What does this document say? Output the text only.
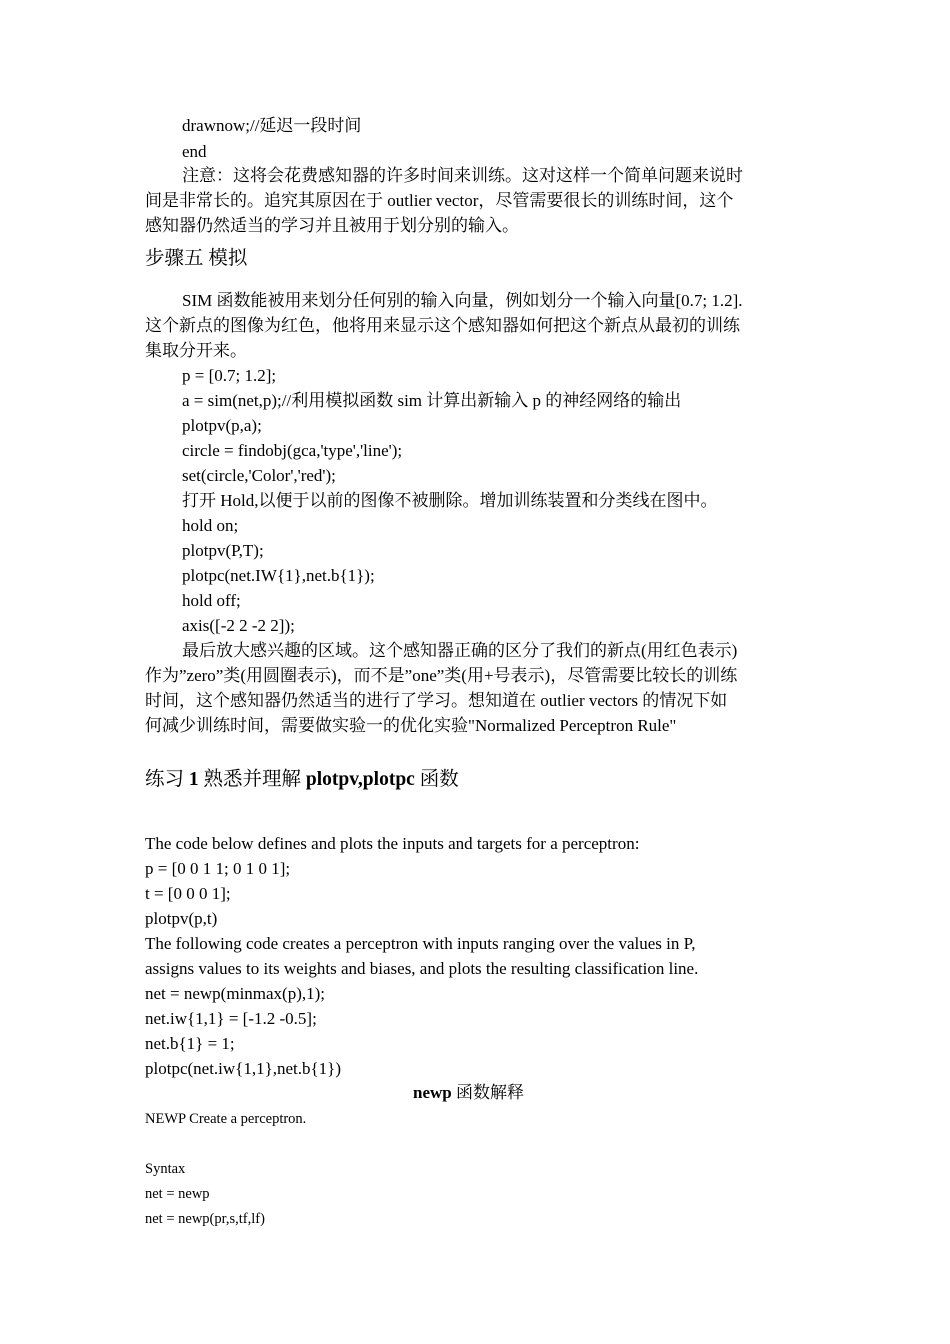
drawnow;//延迟一段时间
end
注意：这将会花费感知器的许多时间来训练。这对这样一个简单问题来说时
间是非常长的。追究其原因在于 outlier vector，尽管需要很长的训练时间，这个
感知器仍然适当的学习并且被用于划分别的输入。
步骤五 模拟
SIM 函数能被用来划分任何别的输入向量，例如划分一个输入向量[0.7; 1.2].
这个新点的图像为红色，他将用来显示这个感知器如何把这个新点从最初的训练
集取分开来。
p = [0.7; 1.2];
a = sim(net,p);//利用模拟函数 sim 计算出新输入 p 的神经网络的输出
plotpv(p,a);
circle = findobj(gca,'type','line');
set(circle,'Color','red');
打开 Hold,以便于以前的图像不被删除。增加训练装置和分类线在图中。
hold on;
plotpv(P,T);
plotpc(net.IW{1},net.b{1});
hold off;
axis([-2 2 -2 2]);
最后放大感兴趣的区域。这个感知器正确的区分了我们的新点(用红色表示)
作为”zero”类(用圆圈表示)，而不是”one”类(用+号表示)，尽管需要比较长的训练
时间，这个感知器仍然适当的进行了学习。想知道在 outlier vectors 的情况下如
何减少训练时间，需要做实验一的优化实验"Normalized Perceptron Rule"
练习 1 熟悉并理解 plotpv,plotpc 函数
The code below defines and plots the inputs and targets for a perceptron:
p = [0 0 1 1; 0 1 0 1];
t = [0 0 0 1];
plotpv(p,t)
The following code creates a perceptron with inputs ranging over the values in P,
assigns values to its weights and biases, and plots the resulting classification line.
net = newp(minmax(p),1);
net.iw{1,1} = [-1.2 -0.5];
net.b{1} = 1;
plotpc(net.iw{1,1},net.b{1})
newp 函数解释
NEWP Create a perceptron.
Syntax
net = newp
net = newp(pr,s,tf,lf)
